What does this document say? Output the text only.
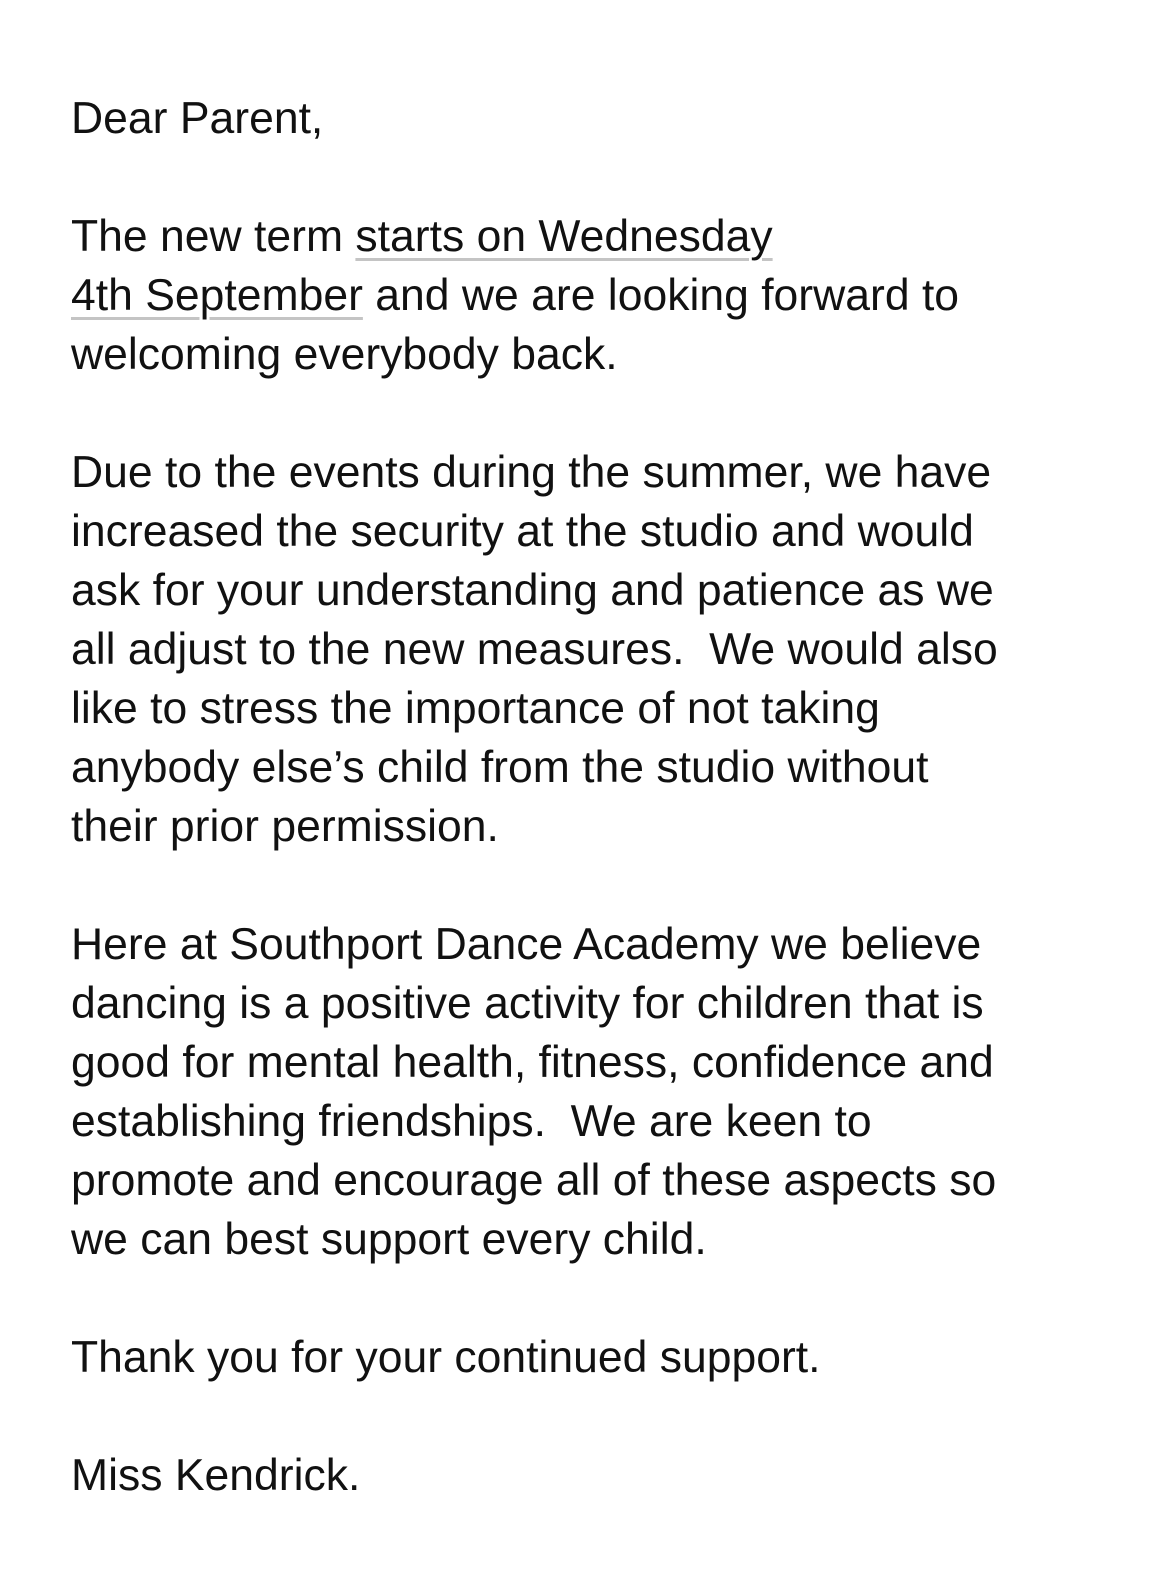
Dear Parent,
The new term starts on Wednesday
4th September and we are looking forward to
welcoming everybody back.
Due to the events during the summer, we have
increased the security at the studio and would
ask for your understanding and patience as we
all adjust to the new measures.  We would also
like to stress the importance of not taking
anybody else’s child from the studio without
their prior permission.
Here at Southport Dance Academy we believe
dancing is a positive activity for children that is
good for mental health, fitness, confidence and
establishing friendships.  We are keen to
promote and encourage all of these aspects so
we can best support every child.
Thank you for your continued support.
Miss Kendrick.
